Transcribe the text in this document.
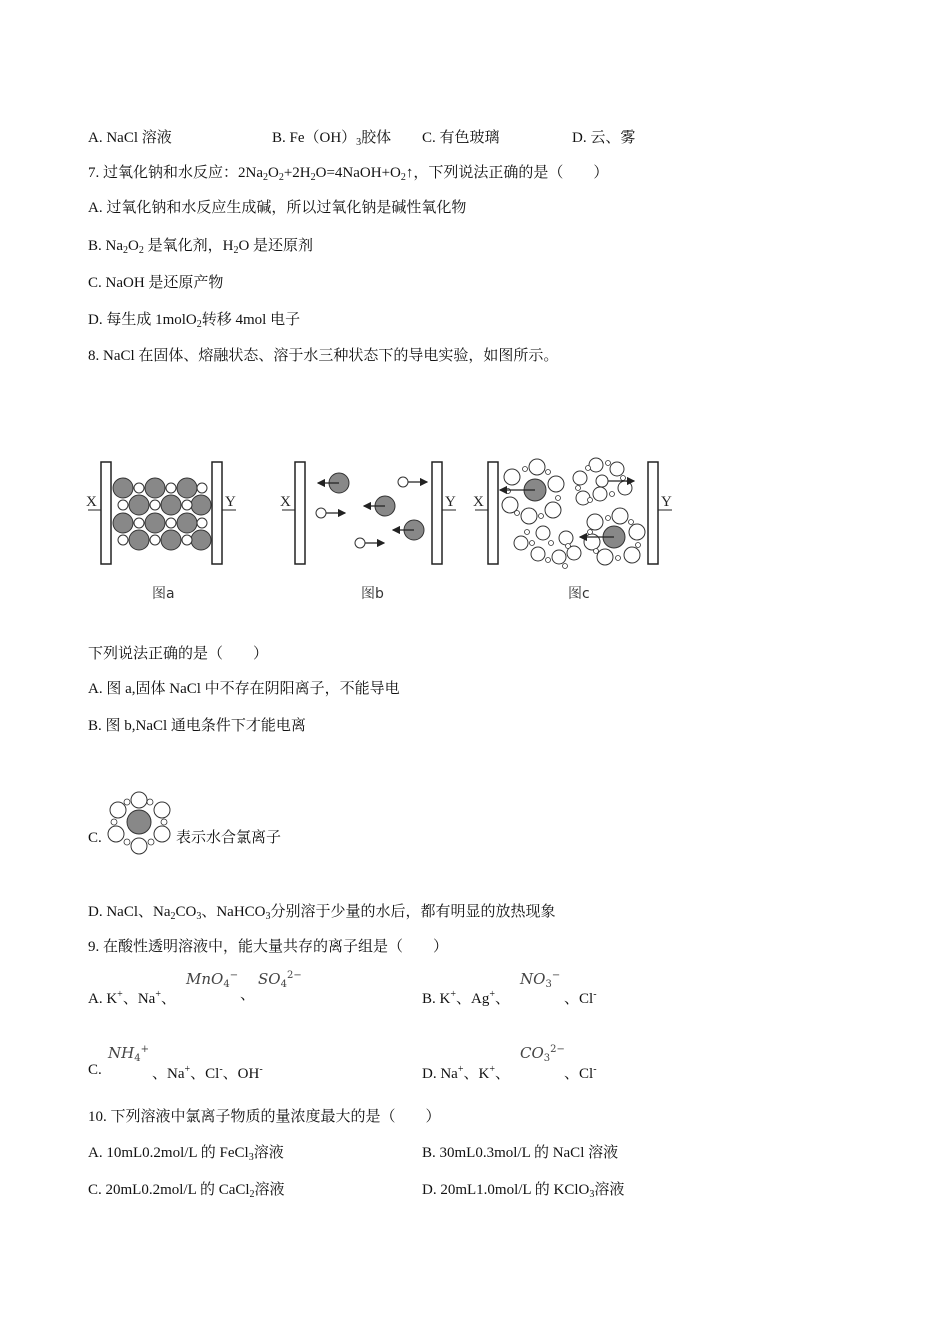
A. NaCl 溶液	B. $Fe(OH)_3$胶体 C. 有色玻璃	D. 云、雾
7. 过氧化钠和水反应：$2Na_2O_2+2H_2O=4NaOH+O_2↑$，下列说法正确的是（　　）
A. 过氧化钠和水反应生成碱，所以过氧化钠是碱性氧化物
B. $Na_2O_2$ 是氧化剂，$H_2O$ 是还原剂
C. NaOH 是还原产物
D. 每生成 1molO$_2$转移 4mol 电子
8. NaCl 在固体、熔融状态、溶于水三种状态下的导电实验，如图所示。
X	Y	X	Y X	Y
图a	图b	图c
下列说法正确的是（　　）
A. 图 a,固体 NaCl 中不存在阴阳离子，不能导电
B. 图 b,NaCl 通电条件下才能电离
C.	表示水合氯离子
D. NaCl、$Na_2CO_3$、NaHCO$_3$分别溶于少量的水后，都有明显的放热现象
9. 在酸性透明溶液中，能大量共存的离子组是（　　）
A. K+、Na+、
MnO$_4$−
、
$SO_4^{2-}$
B. K+、Ag+、
$NO_3^-$
、Cl-
C.
$NH_4^+$
、Na+、Cl-、OH-	D. Na+、K+、
$CO_3^{2-}$
、Cl-
10. 下列溶液中氯离子物质的量浓度最大的是（　　）
A. 10mL0.2mol/L 的 FeCl$_3$溶液	B. 30mL0.3mol/L 的 NaCl 溶液
C. 20mL0.2mol/L 的 CaCl$_2$溶液	D. 20mL1.0mol/L 的 KClO$_3$溶液
